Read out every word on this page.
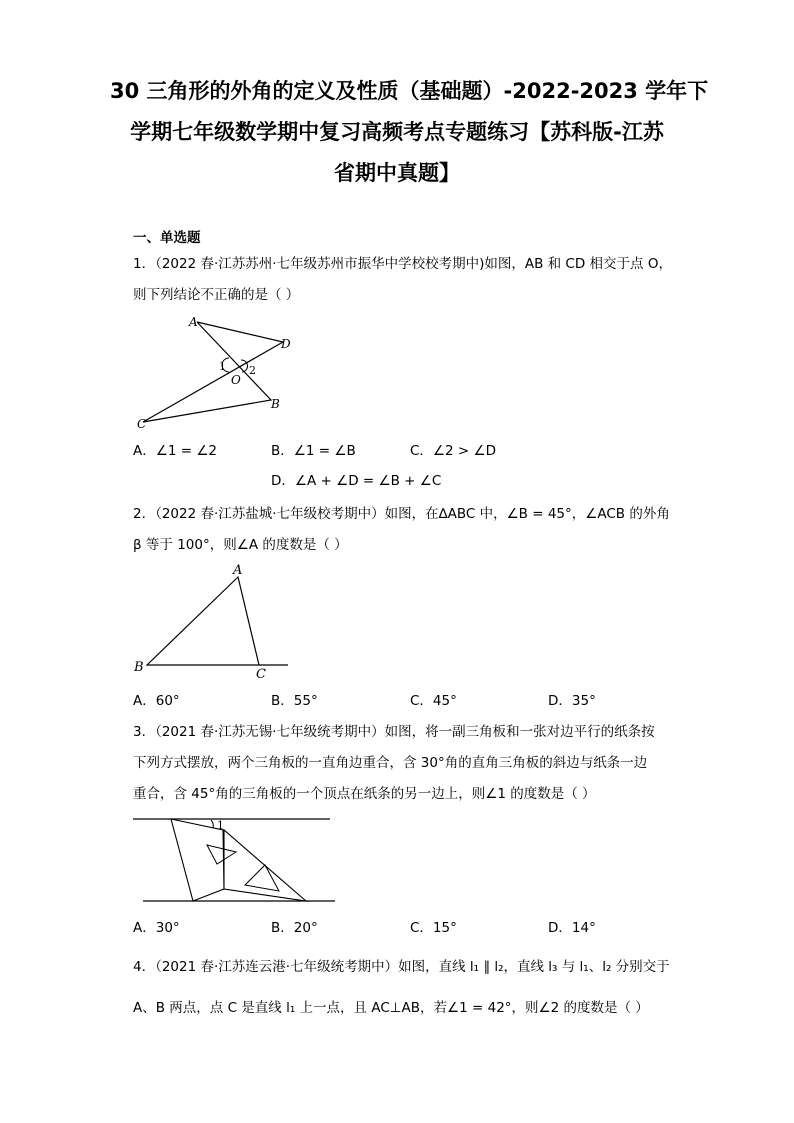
30 三角形的外角的定义及性质（基础题）-2022-2023 学年下
学期七年级数学期中复习高频考点专题练习【苏科版-江苏
省期中真题】
一、单选题
1．（2022 春·江苏苏州·七年级苏州市振华中学校校考期中)如图，AB 和 CD 相交于点 O，
则下列结论不正确的是（ ）
A
D
1 2
O
C
B
A．∠1 = ∠2	B．∠1 = ∠B	C．∠2 > ∠D
D．∠A + ∠D = ∠B + ∠C
2．（2022 春·江苏盐城·七年级校考期中）如图，在∆ABC 中，∠B = 45°，∠ACB 的外角
β 等于 100°，则∠A 的度数是（ ）
A
B	C
A．60°	B．55°	C．45°	D．35°
3．（2021 春·江苏无锡·七年级统考期中）如图，将一副三角板和一张对边平行的纸条按
下列方式摆放，两个三角板的一直角边重合，含 30°角的直角三角板的斜边与纸条一边
重合，含 45°角的三角板的一个顶点在纸条的另一边上，则∠1 的度数是（ ）
1
A．30°	B．20°	C．15°	D．14°
4．（2021 春·江苏连云港·七年级统考期中）如图，直线 l₁ ∥ l₂，直线 l₃ 与 l₁、l₂ 分别交于
A、B 两点，点 C 是直线 l₁ 上一点，且 AC⊥AB，若∠1 = 42°，则∠2 的度数是（ ）
